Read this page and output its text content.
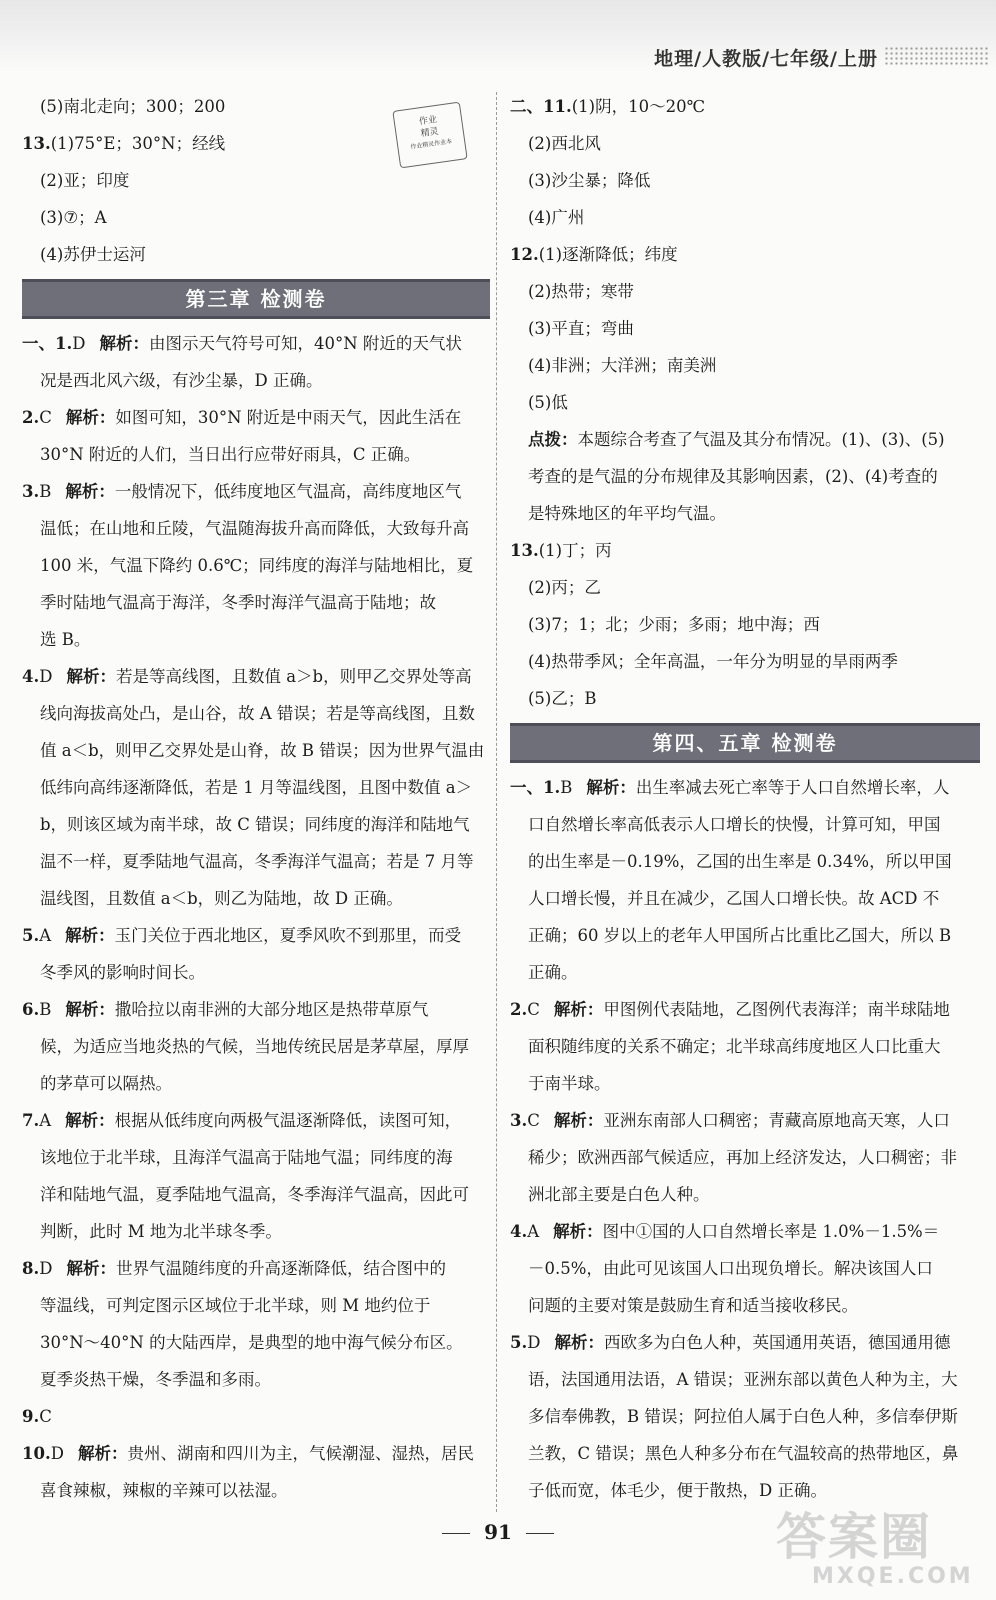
地理/人教版/七年级/上册
作业
精灵
作业精灵作业本
(5)南北走向；300；200
13.(1)75°E；30°N；经线
(2)亚；印度
(3)⑦；A
(4)苏伊士运河
第三章 检测卷
一、1.D 解析：由图示天气符号可知，40°N 附近的天气状
况是西北风六级，有沙尘暴，D 正确。
2.C 解析：如图可知，30°N 附近是中雨天气，因此生活在
30°N 附近的人们，当日出行应带好雨具，C 正确。
3.B 解析：一般情况下，低纬度地区气温高，高纬度地区气
温低；在山地和丘陵，气温随海拔升高而降低，大致每升高
100 米，气温下降约 0.6℃；同纬度的海洋与陆地相比，夏
季时陆地气温高于海洋，冬季时海洋气温高于陆地；故
选 B。
4.D 解析：若是等高线图，且数值 a＞b，则甲乙交界处等高
线向海拔高处凸，是山谷，故 A 错误；若是等高线图，且数
值 a＜b，则甲乙交界处是山脊，故 B 错误；因为世界气温由
低纬向高纬逐渐降低，若是 1 月等温线图，且图中数值 a＞
b，则该区域为南半球，故 C 错误；同纬度的海洋和陆地气
温不一样，夏季陆地气温高，冬季海洋气温高；若是 7 月等
温线图，且数值 a＜b，则乙为陆地，故 D 正确。
5.A 解析：玉门关位于西北地区，夏季风吹不到那里，而受
冬季风的影响时间长。
6.B 解析：撒哈拉以南非洲的大部分地区是热带草原气
候，为适应当地炎热的气候，当地传统民居是茅草屋，厚厚
的茅草可以隔热。
7.A 解析：根据从低纬度向两极气温逐渐降低，读图可知，
该地位于北半球，且海洋气温高于陆地气温；同纬度的海
洋和陆地气温，夏季陆地气温高，冬季海洋气温高，因此可
判断，此时 M 地为北半球冬季。
8.D 解析：世界气温随纬度的升高逐渐降低，结合图中的
等温线，可判定图示区域位于北半球，则 M 地约位于
30°N～40°N 的大陆西岸，是典型的地中海气候分布区。
夏季炎热干燥，冬季温和多雨。
9.C
10.D 解析：贵州、湖南和四川为主，气候潮湿、湿热，居民
喜食辣椒，辣椒的辛辣可以祛湿。
二、11.(1)阴，10～20℃
(2)西北风
(3)沙尘暴；降低
(4)广州
12.(1)逐渐降低；纬度
(2)热带；寒带
(3)平直；弯曲
(4)非洲；大洋洲；南美洲
(5)低
点拨：本题综合考查了气温及其分布情况。(1)、(3)、(5)
考查的是气温的分布规律及其影响因素，(2)、(4)考查的
是特殊地区的年平均气温。
13.(1)丁；丙
(2)丙；乙
(3)7；1；北；少雨；多雨；地中海；西
(4)热带季风；全年高温，一年分为明显的旱雨两季
(5)乙；B
第四、五章 检测卷
一、1.B 解析：出生率减去死亡率等于人口自然增长率，人
口自然增长率高低表示人口增长的快慢，计算可知，甲国
的出生率是－0.19%，乙国的出生率是 0.34%，所以甲国
人口增长慢，并且在减少，乙国人口增长快。故 ACD 不
正确；60 岁以上的老年人甲国所占比重比乙国大，所以 B
正确。
2.C 解析：甲图例代表陆地，乙图例代表海洋；南半球陆地
面积随纬度的关系不确定；北半球高纬度地区人口比重大
于南半球。
3.C 解析：亚洲东南部人口稠密；青藏高原地高天寒，人口
稀少；欧洲西部气候适应，再加上经济发达，人口稠密；非
洲北部主要是白色人种。
4.A 解析：图中①国的人口自然增长率是 1.0%－1.5%＝
－0.5%，由此可见该国人口出现负增长。解决该国人口
问题的主要对策是鼓励生育和适当接收移民。
5.D 解析：西欧多为白色人种，英国通用英语，德国通用德
语，法国通用法语，A 错误；亚洲东部以黄色人种为主，大
多信奉佛教，B 错误；阿拉伯人属于白色人种，多信奉伊斯
兰教，C 错误；黑色人种多分布在气温较高的热带地区，鼻
子低而宽，体毛少，便于散热，D 正确。
91	答案圈
MXQE.COM
